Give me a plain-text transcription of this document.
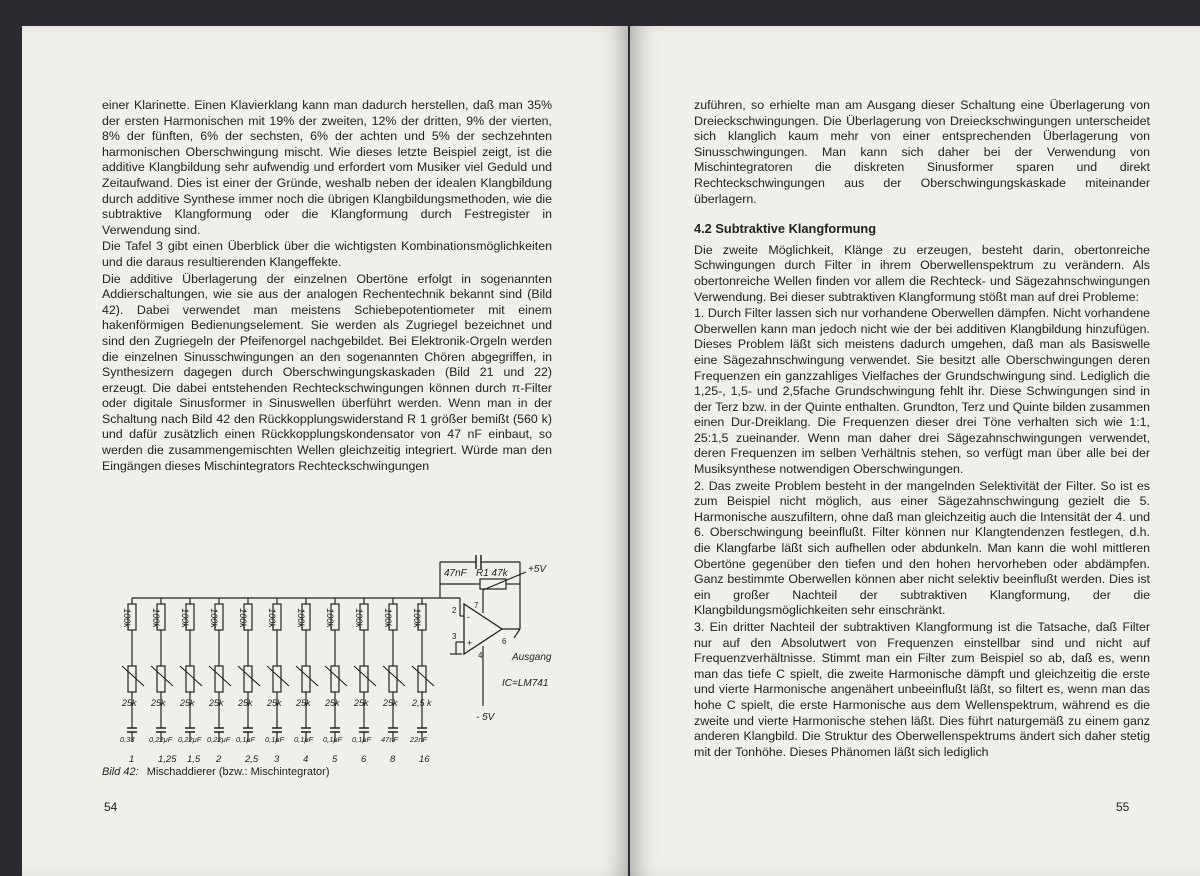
einer Klarinette. Einen Klavierklang kann man dadurch herstellen, daß man 35% der ersten Harmonischen mit 19% der zweiten, 12% der dritten, 9% der vierten, 8% der fünften, 6% der sechsten, 6% der achten und 5% der sechzehnten harmonischen Oberschwingung mischt. Wie dieses letzte Beispiel zeigt, ist die additive Klangbildung sehr aufwendig und erfordert vom Musiker viel Geduld und Zeitaufwand. Dies ist einer der Gründe, weshalb neben der idealen Klangbildung durch additive Synthese immer noch die übrigen Klangbildungsmethoden, wie die subtraktive Klangformung oder die Klangformung durch Festregister in Verwendung sind.

Die Tafel 3 gibt einen Überblick über die wichtigsten Kombinationsmöglichkeiten und die daraus resultierenden Klangeffekte.

Die additive Überlagerung der einzelnen Obertöne erfolgt in sogenannten Addierschaltungen, wie sie aus der analogen Rechentechnik bekannt sind (Bild 42). Dabei verwendet man meistens Schiebepotentiometer mit einem hakenförmigen Bedienungselement. Sie werden als Zugriegel bezeichnet und sind den Zugriegeln der Pfeifenorgel nachgebildet. Bei Elektronik-Orgeln werden die einzelnen Sinusschwingungen an den sogenannten Chören abgegriffen, in Synthesizern dagegen durch Oberschwingungskaskaden (Bild 21 und 22) erzeugt. Die dabei entstehenden Rechteckschwingungen können durch π-Filter oder digitale Sinusformer in Sinuswellen überführt werden. Wenn man in der Schaltung nach Bild 42 den Rückkopplungswiderstand R 1 größer bemißt (560 k) und dafür zusätzlich einen Rückkopplungskondensator von 47 nF einbaut, so werden die zusammengemischten Wellen gleichzeitig integriert. Würde man den Eingängen dieses Mischintegrators Rechteckschwingungen

100k
25k
0,33
1
100k
25k
0,22μF
1,25
100k
25k
0,22μF
1,5
100k
25k
0,22μF
2
100k
25k
0,1μF
2,5
100k
25k
0,1μF
3
100k
25k
0,1μF
4
100k
25k
0,1μF
5
100k
25k
0,1μF
6
100k
25k
47nF
8
100k
2,5 k
22nF
16
-
+
2
3
7
4
6
Ausgang
R1 47k
47nF	+5V
- 5V
IC=LM741
Bild 42: Mischaddierer (bzw.: Mischintegrator)
54

zuführen, so erhielte man am Ausgang dieser Schaltung eine Überlagerung von Dreieckschwingungen. Die Überlagerung von Dreieckschwingungen unterscheidet sich klanglich kaum mehr von einer entsprechenden Überlagerung von Sinusschwingungen. Man kann sich daher bei der Verwendung von Mischintegratoren die diskreten Sinusformer sparen und direkt Rechteckschwingungen aus der Oberschwingungskaskade miteinander überlagern.

4.2 Subtraktive Klangformung

Die zweite Möglichkeit, Klänge zu erzeugen, besteht darin, obertonreiche Schwingungen durch Filter in ihrem Oberwellenspektrum zu verändern. Als obertonreiche Wellen finden vor allem die Rechteck- und Sägezahnschwingungen Verwendung. Bei dieser subtraktiven Klangformung stößt man auf drei Probleme:

1. Durch Filter lassen sich nur vorhandene Oberwellen dämpfen. Nicht vorhandene Oberwellen kann man jedoch nicht wie der bei additiven Klangbildung hinzufügen. Dieses Problem läßt sich meistens dadurch umgehen, daß man als Basiswelle eine Sägezahnschwingung verwendet. Sie besitzt alle Oberschwingungen deren Frequenzen ein ganzzahliges Vielfaches der Grundschwingung sind. Lediglich die 1,25-, 1,5- und 2,5fache Grundschwingung fehlt ihr. Diese Schwingungen sind in der Terz bzw. in der Quinte enthalten. Grundton, Terz und Quinte bilden zusammen einen Dur-Dreiklang. Die Frequenzen dieser drei Töne verhalten sich wie 1:1, 25:1,5 zueinander. Wenn man daher drei Sägezahnschwingungen verwendet, deren Frequenzen im selben Verhältnis stehen, so verfügt man über alle bei der Musiksynthese notwendigen Oberschwingungen.

2. Das zweite Problem besteht in der mangelnden Selektivität der Filter. So ist es zum Beispiel nicht möglich, aus einer Sägezahnschwingung gezielt die 5. Harmonische auszufiltern, ohne daß man gleichzeitig auch die Intensität der 4. und 6. Oberschwingung beeinflußt. Filter können nur Klangtendenzen festlegen, d.h. die Klangfarbe läßt sich aufhellen oder abdunkeln. Man kann die wohl mittleren Obertöne gegenüber den tiefen und den hohen hervorheben oder abdämpfen. Ganz bestimmte Oberwellen können aber nicht selektiv beeinflußt werden. Dies ist ein großer Nachteil der subtraktiven Klangformung, der die Klangbildungsmöglichkeiten sehr einschränkt.

3. Ein dritter Nachteil der subtraktiven Klangformung ist die Tatsache, daß Filter nur auf den Absolutwert von Frequenzen einstellbar sind und nicht auf Frequenzverhältnisse. Stimmt man ein Filter zum Beispiel so ab, daß es, wenn man das tiefe C spielt, die zweite Harmonische dämpft und gleichzeitig die erste und vierte Harmonische angenähert unbeeinflußt läßt, so filtert es, wenn man das hohe C spielt, die erste Harmonische aus dem Wellenspektrum, während es die zweite und vierte Harmonische stehen läßt. Dies führt naturgemäß zu einem ganz anderen Klangbild. Die Struktur des Oberwellenspektrums ändert sich daher stetig mit der Tonhöhe. Dieses Phänomen läßt sich lediglich

55
